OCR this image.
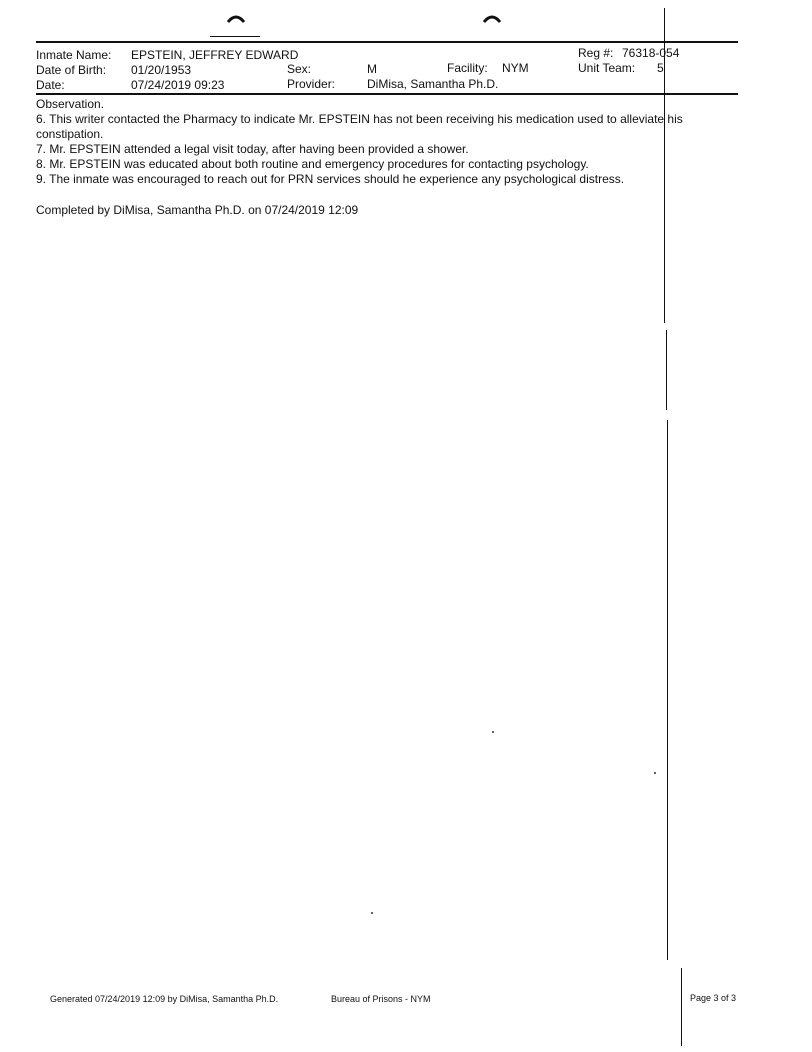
Inmate Name: EPSTEIN, JEFFREY EDWARD	Reg #: 76318-054
Date of Birth: 01/20/1953	Sex:	M	Facility: NYM	Unit Team: 5
Date:	07/24/2019 09:23	Provider:	DiMisa, Samantha Ph.D.

Observation.

6. This writer contacted the Pharmacy to indicate Mr. EPSTEIN has not been receiving his medication used to alleviate his constipation.

7. Mr. EPSTEIN attended a legal visit today, after having been provided a shower.

8. Mr. EPSTEIN was educated about both routine and emergency procedures for contacting psychology.

9. The inmate was encouraged to reach out for PRN services should he experience any psychological distress.

Completed by DiMisa, Samantha Ph.D. on 07/24/2019 12:09
Generated 07/24/2019 12:09 by DiMisa, Samantha Ph.D.	Bureau of Prisons - NYM	Page 3 of 3
